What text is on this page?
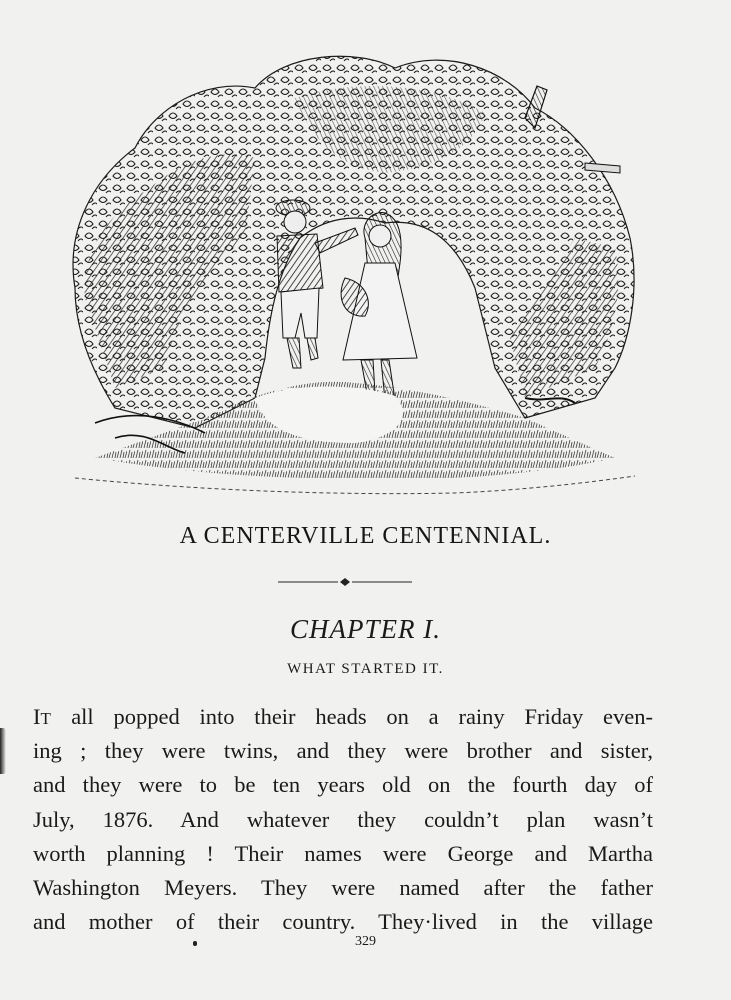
A CENTERVILLE CENTENNIAL.
CHAPTER I.
WHAT STARTED IT.
IT all popped into their heads on a rainy Friday even-
ing ; they were twins, and they were brother and sister,
and they were to be ten years old on the fourth day of
July, 1876. And whatever they couldn’t plan wasn’t
worth planning ! Their names were George and Martha
Washington Meyers. They were named after the father
and mother of their country. They·lived in the village
329
